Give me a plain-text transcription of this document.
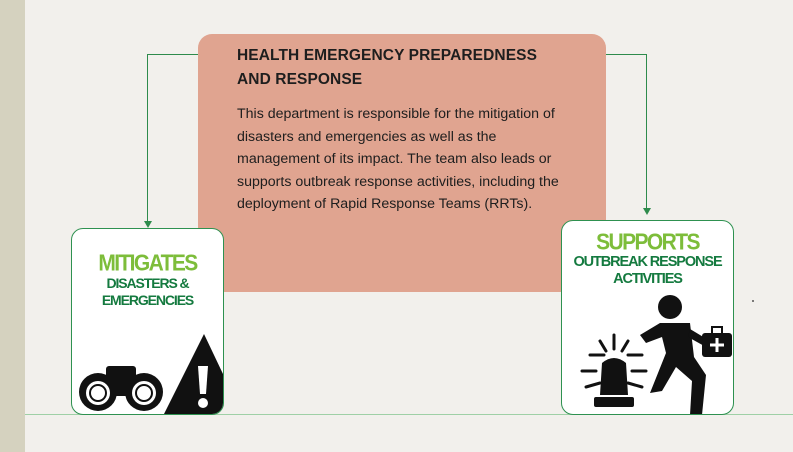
HEALTH EMERGENCY PREPAREDNESS AND RESPONSE
This department is responsible for the mitigation of disasters and emergencies as well as the management of its impact. The team also leads or supports outbreak response activities, including the deployment of Rapid Response Teams (RRTs).
MITIGATES
DISASTERS &
EMERGENCIES
SUPPORTS
OUTBREAK RESPONSE
ACTIVITIES
